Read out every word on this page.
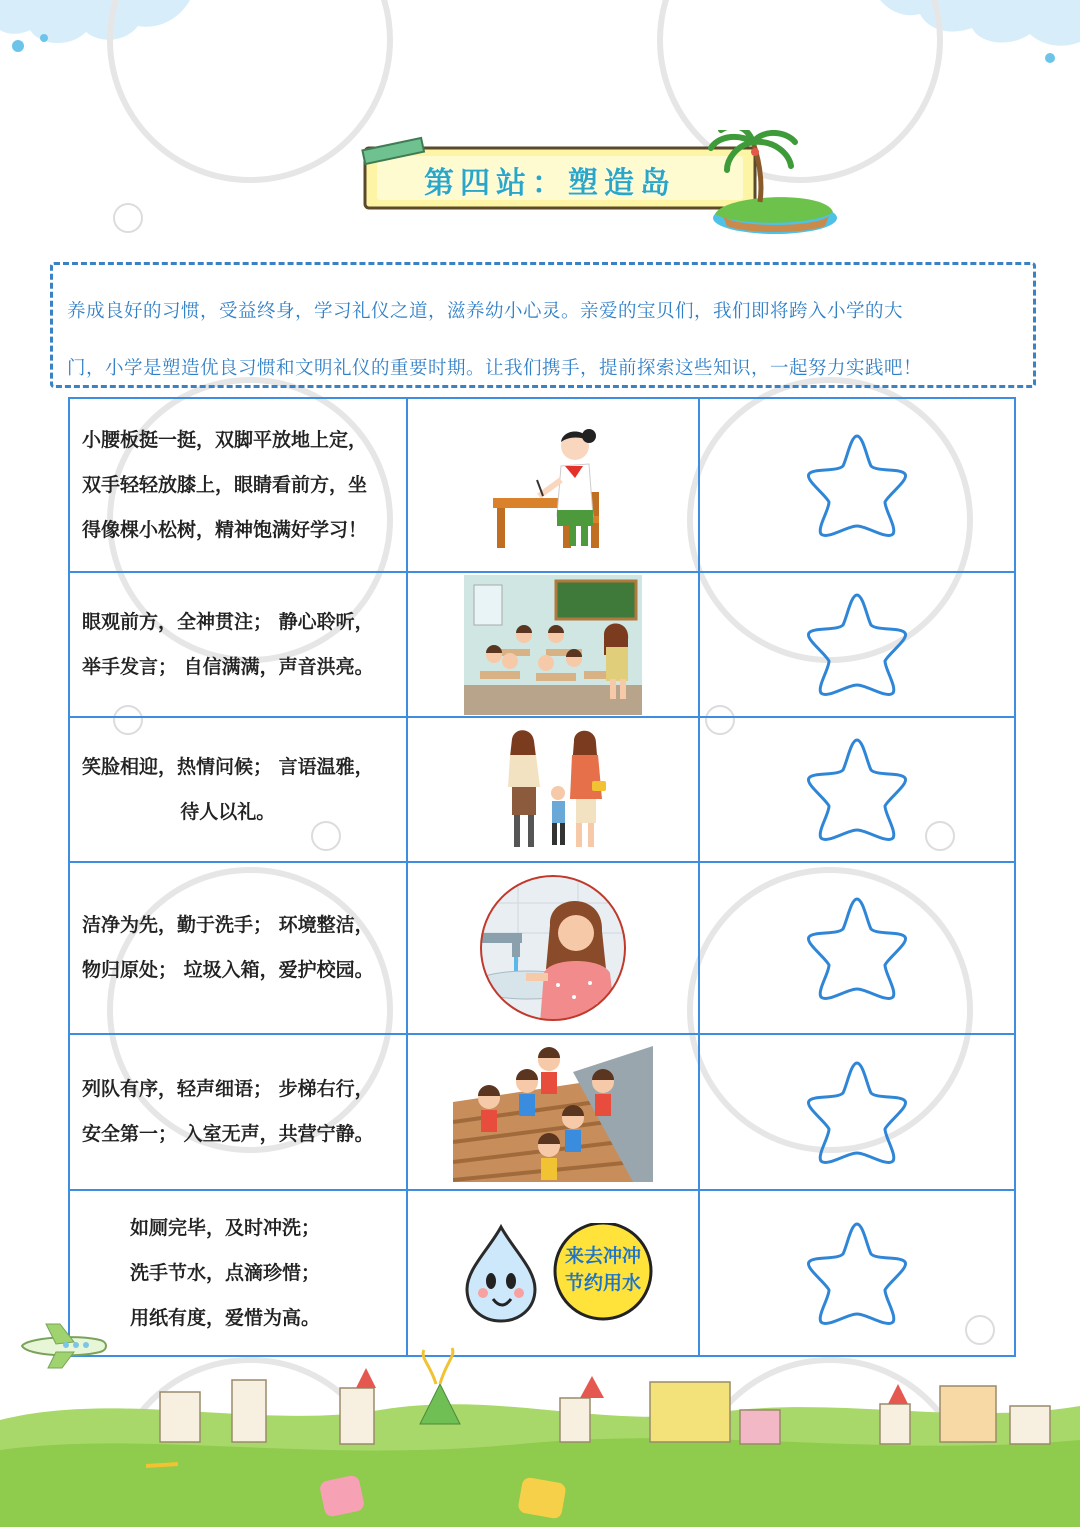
第四站：塑造岛

养成良好的习惯，受益终身，学习礼仪之道，滋养幼小心灵。亲爱的宝贝们，我们即将跨入小学的大

门，小学是塑造优良习惯和文明礼仪的重要时期。让我们携手，提前探索这些知识，一起努力实践吧！

小腰板挺一挺，双脚平放地上定，
双手轻轻放膝上，眼睛看前方，坐
得像棵小松树，精神饱满好学习！
眼观前方，全神贯注； 静心聆听，
举手发言； 自信满满，声音洪亮。
笑脸相迎，热情问候； 言语温雅，
待人以礼。
洁净为先，勤于洗手； 环境整洁，
物归原处； 垃圾入箱，爱护校园。
列队有序，轻声细语； 步梯右行，
安全第一； 入室无声，共营宁静。
如厕完毕，及时冲洗；
洗手节水，点滴珍惜；
用纸有度，爱惜为高。
来去冲冲
节约用水
